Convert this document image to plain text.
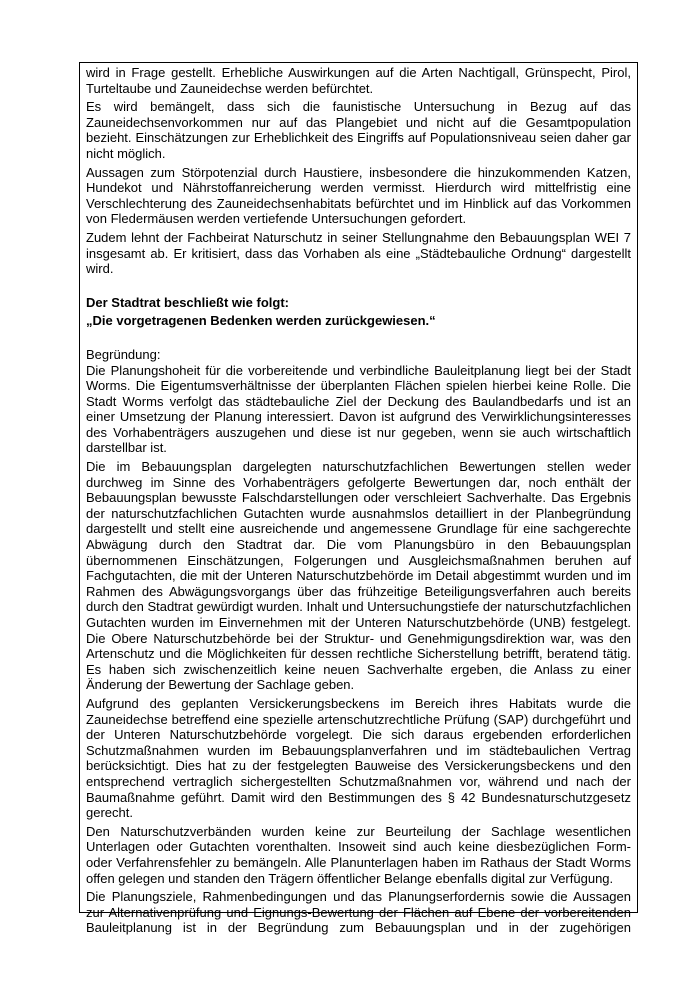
wird in Frage gestellt. Erhebliche Auswirkungen auf die Arten Nachtigall, Grünspecht, Pirol, Turteltaube und Zauneidechse werden befürchtet.

Es wird bemängelt, dass sich die faunistische Untersuchung in Bezug auf das Zauneidechsenvorkommen nur auf das Plangebiet und nicht auf die Gesamtpopulation bezieht. Einschätzungen zur Erheblichkeit des Eingriffs auf Populationsniveau seien daher gar nicht möglich.

Aussagen zum Störpotenzial durch Haustiere, insbesondere die hinzukommenden Katzen, Hundekot und Nährstoffanreicherung werden vermisst. Hierdurch wird mittelfristig eine Verschlechterung des Zauneidechsenhabitats befürchtet und im Hinblick auf das Vorkommen von Fledermäusen werden vertiefende Untersuchungen gefordert.

Zudem lehnt der Fachbeirat Naturschutz in seiner Stellungnahme den Bebauungsplan WEI 7 insgesamt ab. Er kritisiert, dass das Vorhaben als eine „Städtebauliche Ordnung“ dargestellt wird.

Der Stadtrat beschließt wie folgt:

„Die vorgetragenen Bedenken werden zurückgewiesen.“

Begründung:

Die Planungshoheit für die vorbereitende und verbindliche Bauleitplanung liegt bei der Stadt Worms. Die Eigentumsverhältnisse der überplanten Flächen spielen hierbei keine Rolle. Die Stadt Worms verfolgt das städtebauliche Ziel der Deckung des Baulandbedarfs und ist an einer Umsetzung der Planung interessiert. Davon ist aufgrund des Verwirklichungsinteresses des Vorhabenträgers auszugehen und diese ist nur gegeben, wenn sie auch wirtschaftlich darstellbar ist.

Die im Bebauungsplan dargelegten naturschutzfachlichen Bewertungen stellen weder durchweg im Sinne des Vorhabenträgers gefolgerte Bewertungen dar, noch enthält der Bebauungsplan bewusste Falschdarstellungen oder verschleiert Sachverhalte. Das Ergebnis der naturschutzfachlichen Gutachten wurde ausnahmslos detailliert in der Planbegründung dargestellt und stellt eine ausreichende und angemessene Grundlage für eine sachgerechte Abwägung durch den Stadtrat dar. Die vom Planungsbüro in den Bebauungsplan übernommenen Einschätzungen, Folgerungen und Ausgleichsmaßnahmen beruhen auf Fachgutachten, die mit der Unteren Naturschutzbehörde im Detail abgestimmt wurden und im Rahmen des Abwägungsvorgangs über das frühzeitige Beteiligungsverfahren auch bereits durch den Stadtrat gewürdigt wurden. Inhalt und Untersuchungstiefe der naturschutzfachlichen Gutachten wurden im Einvernehmen mit der Unteren Naturschutzbehörde (UNB) festgelegt. Die Obere Naturschutzbehörde bei der Struktur- und Genehmigungsdirektion war, was den Artenschutz und die Möglichkeiten für dessen rechtliche Sicherstellung betrifft, beratend tätig. Es haben sich zwischenzeitlich keine neuen Sachverhalte ergeben, die Anlass zu einer Änderung der Bewertung der Sachlage geben.

Aufgrund des geplanten Versickerungsbeckens im Bereich ihres Habitats wurde die Zauneidechse betreffend eine spezielle artenschutzrechtliche Prüfung (SAP) durchgeführt und der Unteren Naturschutzbehörde vorgelegt. Die sich daraus ergebenden erforderlichen Schutzmaßnahmen wurden im Bebauungsplanverfahren und im städtebaulichen Vertrag berücksichtigt. Dies hat zu der festgelegten Bauweise des Versickerungsbeckens und den entsprechend vertraglich sichergestellten Schutzmaßnahmen vor, während und nach der Baumaßnahme geführt. Damit wird den Bestimmungen des § 42 Bundesnaturschutzgesetz gerecht.

Den Naturschutzverbänden wurden keine zur Beurteilung der Sachlage wesentlichen Unterlagen oder Gutachten vorenthalten. Insoweit sind auch keine diesbezüglichen Form- oder Verfahrensfehler zu bemängeln. Alle Planunterlagen haben im Rathaus der Stadt Worms offen gelegen und standen den Trägern öffentlicher Belange ebenfalls digital zur Verfügung.

Die Planungsziele, Rahmenbedingungen und das Planungserfordernis sowie die Aussagen zur Alternativenprüfung und Eignungs-Bewertung der Flächen auf Ebene der vorbereitenden Bauleitplanung ist in der Begründung zum Bebauungsplan und in der zugehörigen
